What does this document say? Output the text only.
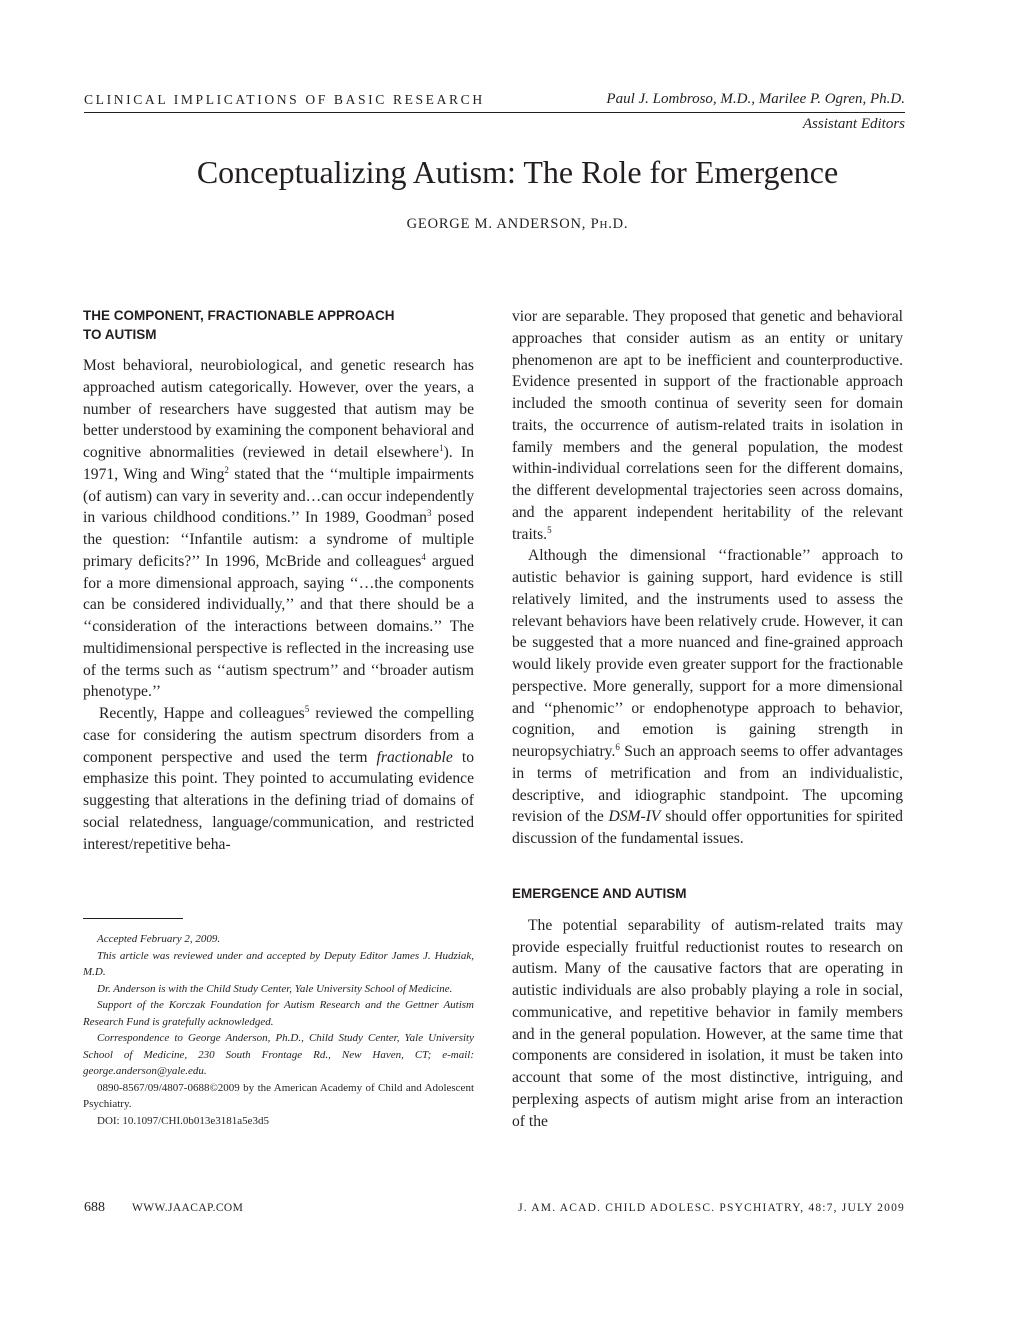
CLINICAL IMPLICATIONS OF BASIC RESEARCH	Paul J. Lombroso, M.D., Marilee P. Ogren, Ph.D.
Assistant Editors
Conceptualizing Autism: The Role for Emergence
GEORGE M. ANDERSON, PH.D.

THE COMPONENT, FRACTIONABLE APPROACH
TO AUTISM

Most behavioral, neurobiological, and genetic research has approached autism categorically. However, over the years, a number of researchers have suggested that autism may be better understood by examining the component behavioral and cognitive abnormalities (reviewed in detail elsewhere$^1$). In 1971, Wing and Wing$^2$ stated that the ‘‘multiple impairments (of autism) can vary in severity and…can occur independently in various childhood conditions.’’ In 1989, Goodman$^3$ posed the question: ‘‘Infantile autism: a syndrome of multiple primary deficits?’’ In 1996, McBride and colleagues$^4$ argued for a more dimensional approach, saying ‘‘…the components can be considered individually,’’ and that there should be a ‘‘consideration of the interactions between domains.’’ The multidimensional perspective is reflected in the increasing use of the terms such as ‘‘autism spectrum’’ and ‘‘broader autism phenotype.’’

Recently, Happe and colleagues$^5$ reviewed the compelling case for considering the autism spectrum disorders from a component perspective and used the term fractionable to emphasize this point. They pointed to accumulating evidence suggesting that alterations in the defining triad of domains of social relatedness, language/communication, and restricted interest/repetitive beha-

vior are separable. They proposed that genetic and behavioral approaches that consider autism as an entity or unitary phenomenon are apt to be inefficient and counterproductive. Evidence presented in support of the fractionable approach included the smooth continua of severity seen for domain traits, the occurrence of autism-related traits in isolation in family members and the general population, the modest within-individual correlations seen for the different domains, the different developmental trajectories seen across domains, and the apparent independent heritability of the relevant traits.$^5$

Although the dimensional ‘‘fractionable’’ approach to autistic behavior is gaining support, hard evidence is still relatively limited, and the instruments used to assess the relevant behaviors have been relatively crude. However, it can be suggested that a more nuanced and fine-grained approach would likely provide even greater support for the fractionable perspective. More generally, support for a more dimensional and ‘‘phenomic’’ or endophenotype approach to behavior, cognition, and emotion is gaining strength in neuropsychiatry.$^6$ Such an approach seems to offer advantages in terms of metrification and from an individualistic, descriptive, and idiographic standpoint. The upcoming revision of the DSM-IV should offer opportunities for spirited discussion of the fundamental issues.

EMERGENCE AND AUTISM

The potential separability of autism-related traits may provide especially fruitful reductionist routes to research on autism. Many of the causative factors that are operating in autistic individuals are also probably playing a role in social, communicative, and repetitive behavior in family members and in the general population. However, at the same time that components are considered in isolation, it must be taken into account that some of the most distinctive, intriguing, and perplexing aspects of autism might arise from an interaction of the

Accepted February 2, 2009.

This article was reviewed under and accepted by Deputy Editor James J. Hudziak, M.D.

Dr. Anderson is with the Child Study Center, Yale University School of Medicine.

Support of the Korczak Foundation for Autism Research and the Gettner Autism Research Fund is gratefully acknowledged.

Correspondence to George Anderson, Ph.D., Child Study Center, Yale University School of Medicine, 230 South Frontage Rd., New Haven, CT; e-mail: george.anderson@yale.edu.

0890-8567/09/4807-0688©2009 by the American Academy of Child and Adolescent Psychiatry.

DOI: 10.1097/CHI.0b013e3181a5e3d5

688 WWW.JAACAP.COM	J. AM. ACAD. CHILD ADOLESC. PSYCHIATRY, 48:7, JULY 2009
